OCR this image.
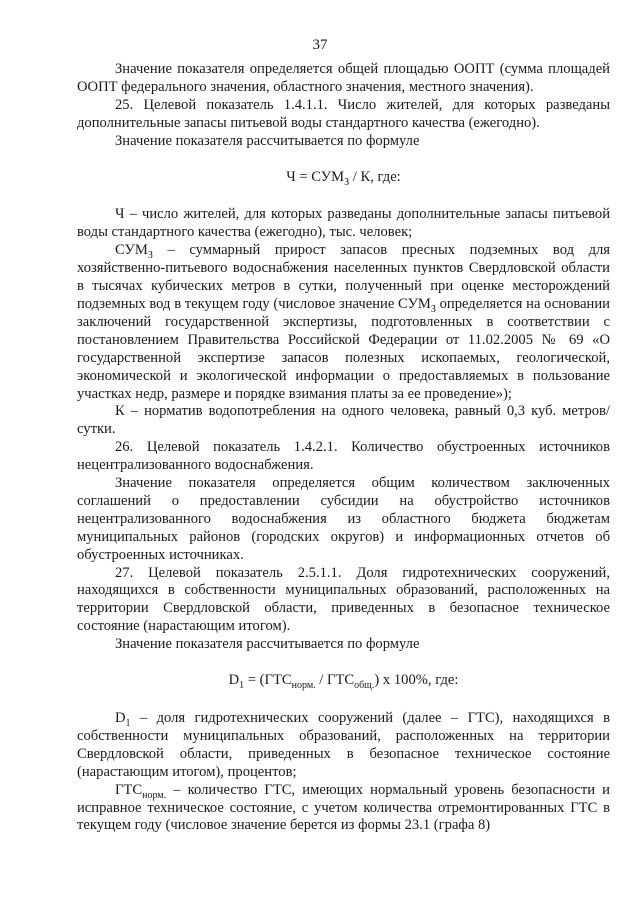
37

Значение показателя определяется общей площадью ООПТ (сумма площадей ООПТ федерального значения, областного значения, местного значения).

25. Целевой показатель 1.4.1.1. Число жителей, для которых разведаны дополнительные запасы питьевой воды стандартного качества (ежегодно).

Значение показателя рассчитывается по формуле

$Ч = СУМ_З / К$, где:

Ч – число жителей, для которых разведаны дополнительные запасы питьевой воды стандартного качества (ежегодно), тыс. человек;

$СУМ_З$ – суммарный прирост запасов пресных подземных вод для хозяйственно-питьевого водоснабжения населенных пунктов Свердловской области в тысячах кубических метров в сутки, полученный при оценке месторождений подземных вод в текущем году (числовое значение $СУМ_З$ определяется на основании заключений государственной экспертизы, подготовленных в соответствии с постановлением Правительства Российской Федерации от 11.02.2005 № 69 «О государственной экспертизе запасов полезных ископаемых, геологической, экономической и экологической информации о предоставляемых в пользование участках недр, размере и порядке взимания платы за ее проведение»);

К – норматив водопотребления на одного человека, равный 0,3 куб. метров/сутки.

26. Целевой показатель 1.4.2.1. Количество обустроенных источников нецентрализованного водоснабжения.

Значение показателя определяется общим количеством заключенных соглашений о предоставлении субсидии на обустройство источников нецентрализованного водоснабжения из областного бюджета бюджетам муниципальных районов (городских округов) и информационных отчетов об обустроенных источниках.

27. Целевой показатель 2.5.1.1. Доля гидротехнических сооружений, находящихся в собственности муниципальных образований, расположенных на территории Свердловской области, приведенных в безопасное техническое состояние (нарастающим итогом).

Значение показателя рассчитывается по формуле

$D_1 = (ГТС_{норм.} / ГТС_{общ.})$ x 100%, где:

$D_1$ – доля гидротехнических сооружений (далее – ГТС), находящихся в собственности муниципальных образований, расположенных на территории Свердловской области, приведенных в безопасное техническое состояние (нарастающим итогом), процентов;

$ГТС_{норм.}$ – количество ГТС, имеющих нормальный уровень безопасности и исправное техническое состояние, с учетом количества отремонтированных ГТС в текущем году (числовое значение берется из формы 23.1 (графа 8)
